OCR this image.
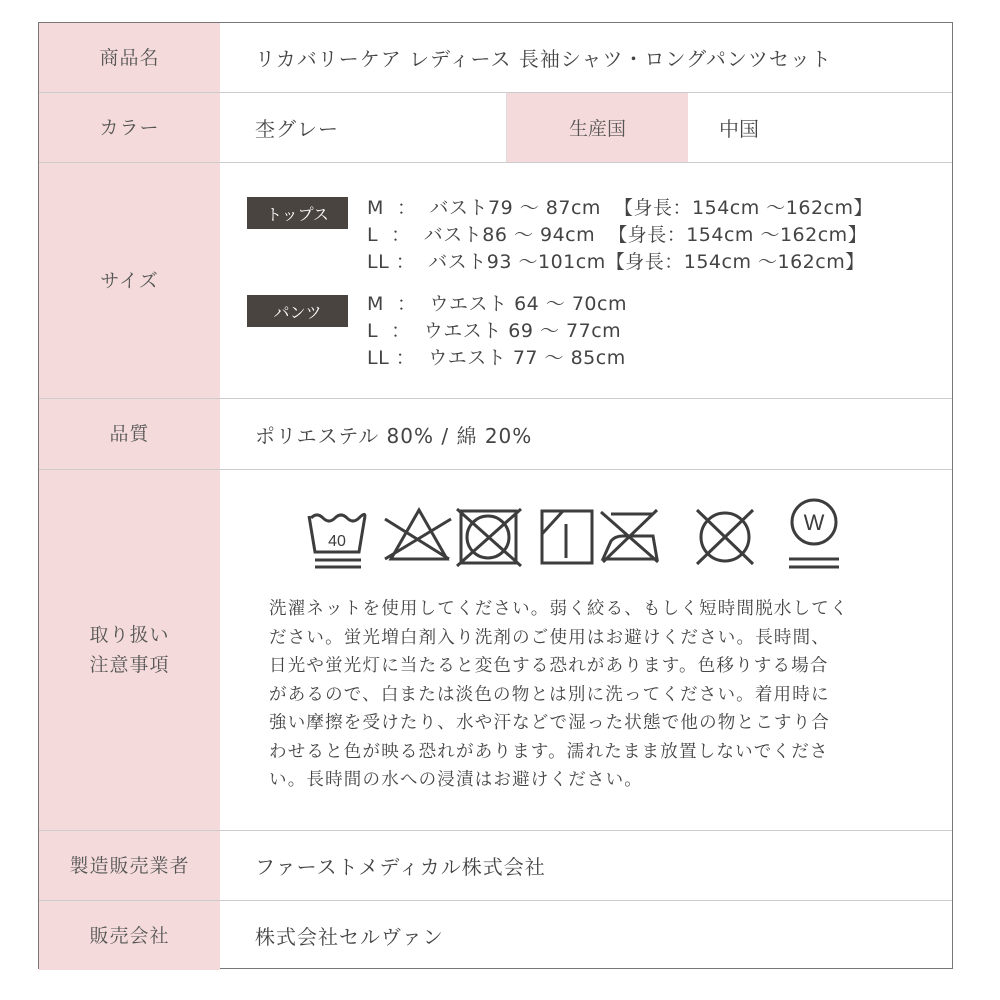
商品名	リカバリーケア レディース 長袖シャツ・ロングパンツセット
カラー	杢グレー	生産国	中国
サイズ
トップス	M  ：  バスト79 ～ 87cm  【身長：154cm ～162cm】
L  ：  バスト86 ～ 94cm  【身長：154cm ～162cm】
LL ：  バスト93 ～101cm【身長：154cm ～162cm】
パンツ	M  ：  ウエスト 64 ～ 70cm
L  ：  ウエスト 69 ～ 77cm
LL ：  ウエスト 77 ～ 85cm
品質	ポリエステル 80% / 綿 20%
取り扱い
注意事項
40
W
洗濯ネットを使用してください。弱く絞る、もしく短時間脱水してく
ださい。蛍光増白剤入り洗剤のご使用はお避けください。長時間、
日光や蛍光灯に当たると変色する恐れがあります。色移りする場合
があるので、白または淡色の物とは別に洗ってください。着用時に
強い摩擦を受けたり、水や汗などで湿った状態で他の物とこすり合
わせると色が映る恐れがあります。濡れたまま放置しないでくださ
い。長時間の水への浸漬はお避けください。
製造販売業者	ファーストメディカル株式会社
販売会社	株式会社セルヴァン
